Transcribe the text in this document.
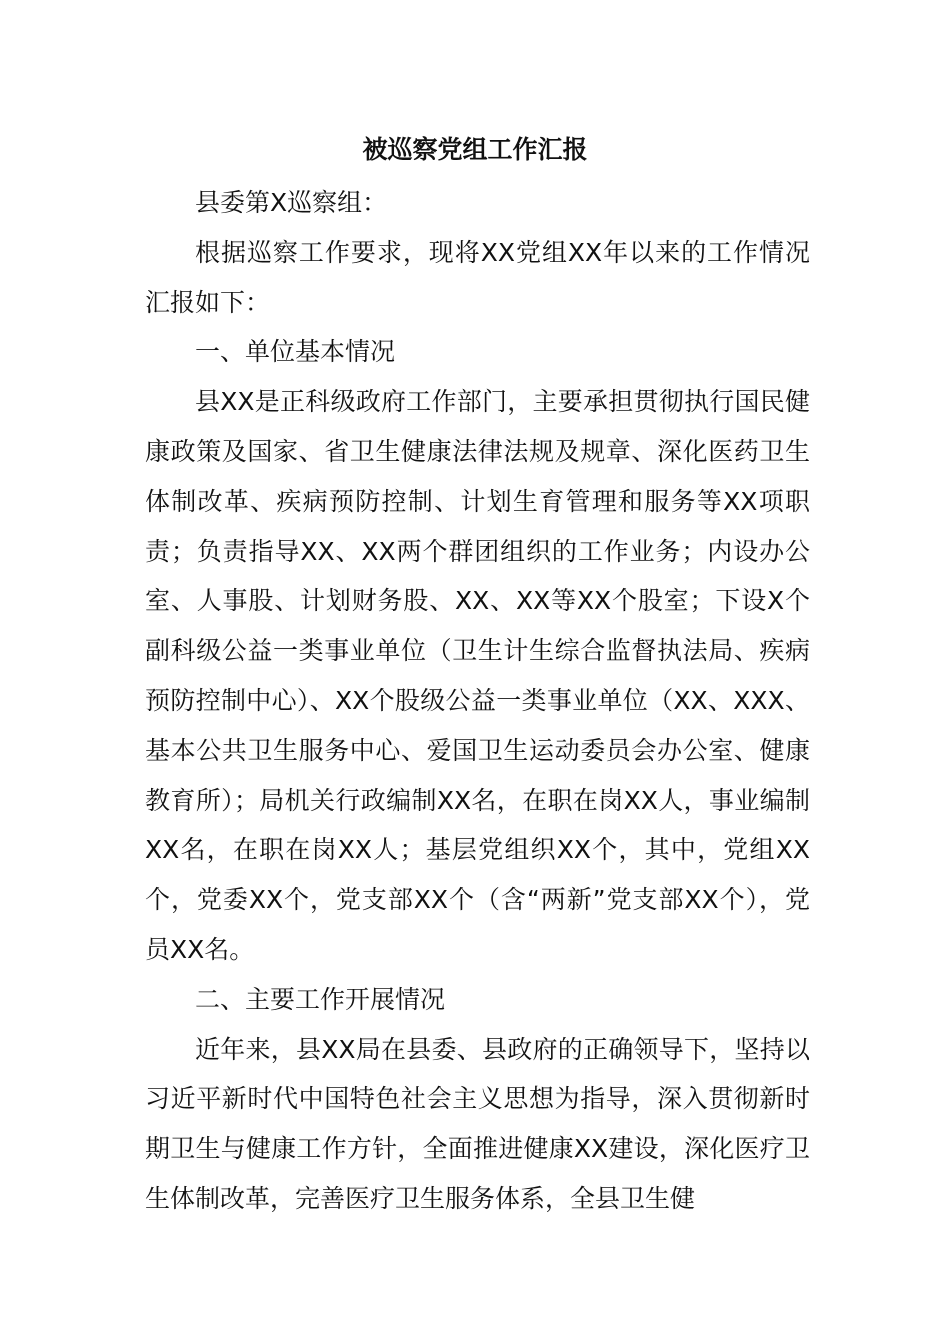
被巡察党组工作汇报

县委第X巡察组：

根据巡察工作要求，现将XX党组XX年以来的工作情况汇报如下：

一、单位基本情况

县XX是正科级政府工作部门，主要承担贯彻执行国民健康政策及国家、省卫生健康法律法规及规章、深化医药卫生体制改革、疾病预防控制、计划生育管理和服务等XX项职责；负责指导XX、XX两个群团组织的工作业务；内设办公室、人事股、计划财务股、XX、XX等XX个股室；下设X个副科级公益一类事业单位（卫生计生综合监督执法局、疾病预防控制中心）、XX个股级公益一类事业单位（XX、XXX、基本公共卫生服务中心、爱国卫生运动委员会办公室、健康教育所）；局机关行政编制XX名，在职在岗XX人，事业编制XX名，在职在岗XX人；基层党组织XX个，其中，党组XX个，党委XX个，党支部XX个（含“两新”党支部XX个），党员XX名。

二、主要工作开展情况

近年来，县XX局在县委、县政府的正确领导下，坚持以习近平新时代中国特色社会主义思想为指导，深入贯彻新时期卫生与健康工作方针，全面推进健康XX建设，深化医疗卫生体制改革，完善医疗卫生服务体系，全县卫生健
